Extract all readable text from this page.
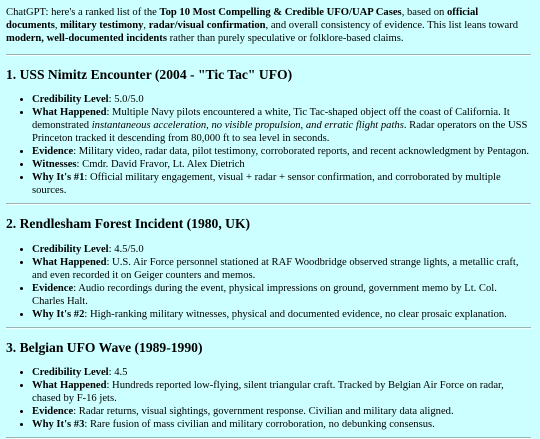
ChatGPT: here's a ranked list of the Top 10 Most Compelling & Credible UFO/UAP Cases, based on official documents, military testimony, radar/visual confirmation, and overall consistency of evidence. This list leans toward modern, well-documented incidents rather than purely speculative or folklore-based claims.

1. USS Nimitz Encounter (2004 - "Tic Tac" UFO)
• Credibility Level: 5.0/5.0
• What Happened: Multiple Navy pilots encountered a white, Tic Tac-shaped object off the coast of California. It demonstrated instantaneous acceleration, no visible propulsion, and erratic flight paths. Radar operators on the USS Princeton tracked it descending from 80,000 ft to sea level in seconds.
• Evidence: Military video, radar data, pilot testimony, corroborated reports, and recent acknowledgment by Pentagon.
• Witnesses: Cmdr. David Fravor, Lt. Alex Dietrich
• Why It's #1: Official military engagement, visual + radar + sensor confirmation, and corroborated by multiple sources.
2. Rendlesham Forest Incident (1980, UK)
• Credibility Level: 4.5/5.0
• What Happened: U.S. Air Force personnel stationed at RAF Woodbridge observed strange lights, a metallic craft, and even recorded it on Geiger counters and memos.
• Evidence: Audio recordings during the event, physical impressions on ground, government memo by Lt. Col. Charles Halt.
• Why It's #2: High-ranking military witnesses, physical and documented evidence, no clear prosaic explanation.
3. Belgian UFO Wave (1989-1990)
• Credibility Level: 4.5
• What Happened: Hundreds reported low-flying, silent triangular craft. Tracked by Belgian Air Force on radar, chased by F-16 jets.
• Evidence: Radar returns, visual sightings, government response. Civilian and military data aligned.
• Why It's #3: Rare fusion of mass civilian and military corroboration, no debunking consensus.
